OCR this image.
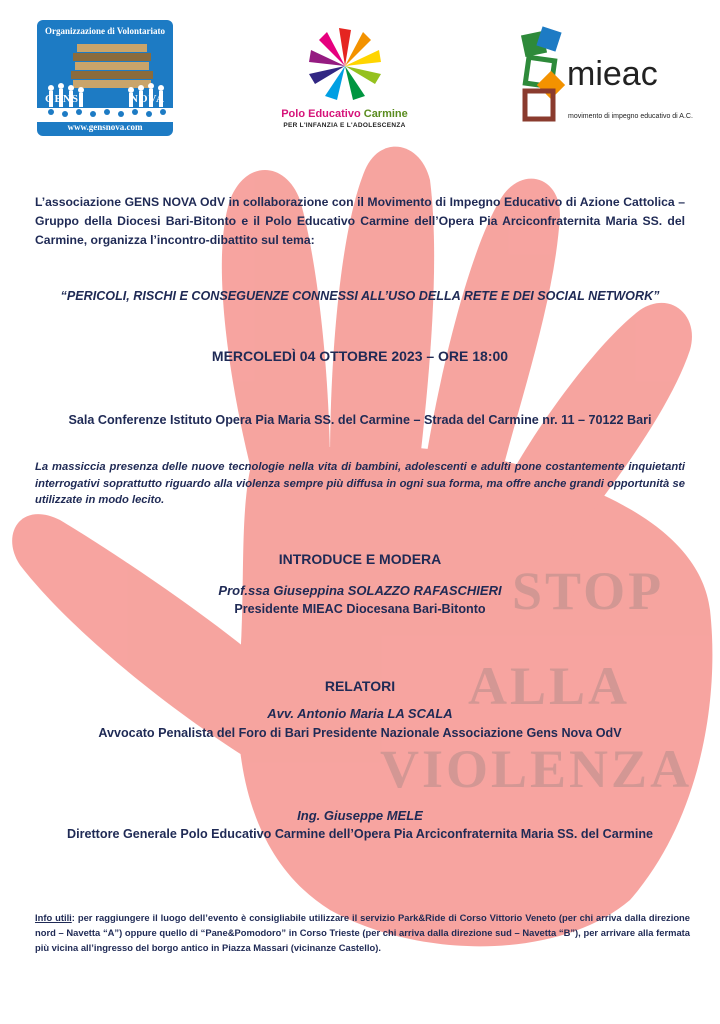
STOP
ALLA
VIOLENZA
Organizzazione di Volontariato
GENS	NOVA
www.gensnova.com
Polo Educativo Carmine
PER L'INFANZIA E L'ADOLESCENZA
mieac
movimento di impegno educativo di A.C.

L’associazione GENS NOVA OdV in collaborazione con il Movimento di Impegno Educativo di Azione Cattolica – Gruppo della Diocesi Bari-Bitonto e il Polo Educativo Carmine dell’Opera Pia Arciconfraternita Maria SS. del Carmine, organizza l’incontro-dibattito sul tema:

“PERICOLI, RISCHI E CONSEGUENZE CONNESSI ALL’USO DELLA RETE E DEI SOCIAL NETWORK”

MERCOLEDÌ 04 OTTOBRE 2023 – ORE 18:00

Sala Conferenze Istituto Opera Pia Maria SS. del Carmine – Strada del Carmine nr. 11 – 70122 Bari

La massiccia presenza delle nuove tecnologie nella vita di bambini, adolescenti e adulti pone costantemente inquietanti interrogativi soprattutto riguardo alla violenza sempre più diffusa in ogni sua forma, ma offre anche grandi opportunità se utilizzate in modo lecito.

INTRODUCE E MODERA

Prof.ssa Giuseppina SOLAZZO RAFASCHIERI

Presidente MIEAC Diocesana Bari-Bitonto

RELATORI

Avv. Antonio Maria LA SCALA

Avvocato Penalista del Foro di Bari Presidente Nazionale Associazione Gens Nova OdV

Ing. Giuseppe MELE

Direttore Generale Polo Educativo Carmine dell’Opera Pia Arciconfraternita Maria SS. del Carmine

Info utili: per raggiungere il luogo dell’evento è consigliabile utilizzare il servizio Park&Ride di Corso Vittorio Veneto (per chi arriva dalla direzione nord – Navetta “A”) oppure quello di “Pane&Pomodoro” in Corso Trieste (per chi arriva dalla direzione sud – Navetta “B”), per arrivare alla fermata più vicina all’ingresso del borgo antico in Piazza Massari (vicinanze Castello).
